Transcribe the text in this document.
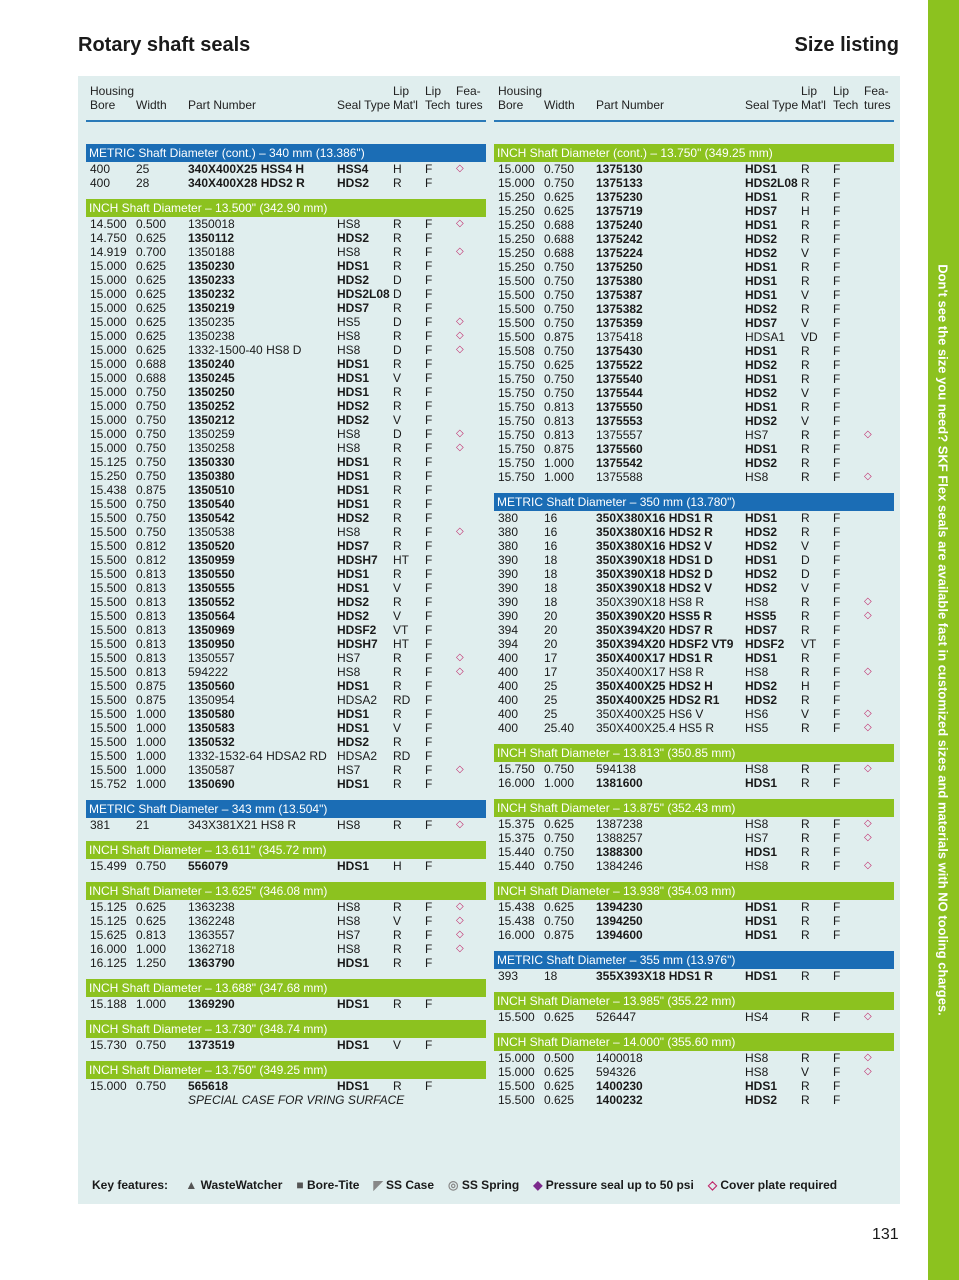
Rotary shaft seals	Size listing
Housing
Bore Width Part Number	Seal Type
Lip
Mat'l
Lip
Tech
Fea-
tures
METRIC Shaft Diameter (cont.) – 340 mm (13.386")
400 25	340X400X25 HSS4 H	HSS4 H F ◇
400 28	340X400X28 HDS2 R	HDS2 R F
INCH Shaft Diameter – 13.500" (342.90 mm)
14.500 0.500 1350018	HS8	R F ◇
14.750 0.625 1350112	HDS2 R F
14.919 0.700 1350188	HS8	R F ◇
15.000 0.625 1350230	HDS1 R F
15.000 0.625 1350233	HDS2 D F
15.000 0.625 1350232	HDS2L08 D F
15.000 0.625 1350219	HDS7 R F
15.000 0.625 1350235	HS5	D F ◇
15.000 0.625 1350238	HS8	R F ◇
15.000 0.625 1332-1500-40 HS8 D	HS8	D F ◇
15.000 0.688 1350240	HDS1 R F
15.000 0.688 1350245	HDS1 V F
15.000 0.750 1350250	HDS1 R F
15.000 0.750 1350252	HDS2 R F
15.000 0.750 1350212	HDS2 V F
15.000 0.750 1350259	HS8	D F ◇
15.000 0.750 1350258	HS8	R F ◇
15.125 0.750 1350330	HDS1 R F
15.250 0.750 1350380	HDS1 R F
15.438 0.875 1350510	HDS1 R F
15.500 0.750 1350540	HDS1 R F
15.500 0.750 1350542	HDS2 R F
15.500 0.750 1350538	HS8	R F ◇
15.500 0.812 1350520	HDS7 R F
15.500 0.812 1350959	HDSH7 HT F
15.500 0.813 1350550	HDS1 R F
15.500 0.813 1350555	HDS1 V F
15.500 0.813 1350552	HDS2 R F
15.500 0.813 1350564	HDS2 V F
15.500 0.813 1350969	HDSF2 VT F
15.500 0.813 1350950	HDSH7 HT F
15.500 0.813 1350557	HS7	R F ◇
15.500 0.813 594222	HS8	R F ◇
15.500 0.875 1350560	HDS1 R F
15.500 0.875 1350954	HDSA2 RD F
15.500 1.000 1350580	HDS1 R F
15.500 1.000 1350583	HDS1 V F
15.500 1.000 1350532	HDS2 R F
15.500 1.000 1332-1532-64 HDSA2 RD HDSA2 RD F
15.500 1.000 1350587	HS7	R F ◇
15.752 1.000 1350690	HDS1 R F
METRIC Shaft Diameter – 343 mm (13.504")
381 21	343X381X21 HS8 R	HS8	R F ◇
INCH Shaft Diameter – 13.611" (345.72 mm)
15.499 0.750 556079	HDS1 H F
INCH Shaft Diameter – 13.625" (346.08 mm)
15.125 0.625 1363238	HS8	R F ◇
15.125 0.625 1362248	HS8	V F ◇
15.625 0.813 1363557	HS7	R F ◇
16.000 1.000 1362718	HS8	R F ◇
16.125 1.250 1363790	HDS1 R F
INCH Shaft Diameter – 13.688" (347.68 mm)
15.188 1.000 1369290	HDS1 R F
INCH Shaft Diameter – 13.730" (348.74 mm)
15.730 0.750 1373519	HDS1 V F
INCH Shaft Diameter – 13.750" (349.25 mm)
15.000 0.750 565618	HDS1 R F
SPECIAL CASE FOR VRING SURFACE
Housing
Bore Width Part Number	Seal Type
Lip
Mat'l
Lip
Tech
Fea-
tures
INCH Shaft Diameter (cont.) – 13.750" (349.25 mm)
15.000 0.750 1375130	HDS1 R F
15.000 0.750 1375133	HDS2L08 R F
15.250 0.625 1375230	HDS1 R F
15.250 0.625 1375719	HDS7 H F
15.250 0.688 1375240	HDS1 R F
15.250 0.688 1375242	HDS2 R F
15.250 0.688 1375224	HDS2 V F
15.250 0.750 1375250	HDS1 R F
15.500 0.750 1375380	HDS1 R F
15.500 0.750 1375387	HDS1 V F
15.500 0.750 1375382	HDS2 R F
15.500 0.750 1375359	HDS7 V F
15.500 0.875 1375418	HDSA1 VD F
15.508 0.750 1375430	HDS1 R F
15.750 0.625 1375522	HDS2 R F
15.750 0.750 1375540	HDS1 R F
15.750 0.750 1375544	HDS2 V F
15.750 0.813 1375550	HDS1 R F
15.750 0.813 1375553	HDS2 V F
15.750 0.813 1375557	HS7	R F ◇
15.750 0.875 1375560	HDS1 R F
15.750 1.000 1375542	HDS2 R F
15.750 1.000 1375588	HS8	R F ◇
METRIC Shaft Diameter – 350 mm (13.780")
380 16	350X380X16 HDS1 R	HDS1 R F
380 16	350X380X16 HDS2 R	HDS2 R F
380 16	350X380X16 HDS2 V	HDS2 V F
390 18	350X390X18 HDS1 D	HDS1 D F
390 18	350X390X18 HDS2 D	HDS2 D F
390 18	350X390X18 HDS2 V	HDS2 V F
390 18	350X390X18 HS8 R	HS8	R F ◇
390 20	350X390X20 HSS5 R	HSS5 R F ◇
394 20	350X394X20 HDS7 R	HDS7 R F
394 20	350X394X20 HDSF2 VT9 HDSF2 VT F
400 17	350X400X17 HDS1 R	HDS1 R F
400 17	350X400X17 HS8 R	HS8	R F ◇
400 25	350X400X25 HDS2 H	HDS2 H F
400 25	350X400X25 HDS2 R1 HDS2 R F
400 25	350X400X25 HS6 V	HS6	V F ◇
400 25.40 350X400X25.4 HS5 R	HS5	R F ◇
INCH Shaft Diameter – 13.813" (350.85 mm)
15.750 0.750 594138	HS8	R F ◇
16.000 1.000 1381600	HDS1 R F
INCH Shaft Diameter – 13.875" (352.43 mm)
15.375 0.625 1387238	HS8	R F ◇
15.375 0.750 1388257	HS7	R F ◇
15.440 0.750 1388300	HDS1 R F
15.440 0.750 1384246	HS8	R F ◇
INCH Shaft Diameter – 13.938" (354.03 mm)
15.438 0.625 1394230	HDS1 R F
15.438 0.750 1394250	HDS1 R F
16.000 0.875 1394600	HDS1 R F
METRIC Shaft Diameter – 355 mm (13.976")
393 18	355X393X18 HDS1 R	HDS1 R F
INCH Shaft Diameter – 13.985" (355.22 mm)
15.500 0.625 526447	HS4	R F ◇
INCH Shaft Diameter – 14.000" (355.60 mm)
15.000 0.500 1400018	HS8	R F ◇
15.000 0.625 594326	HS8	V F ◇
15.500 0.625 1400230	HDS1 R F
15.500 0.625 1400232	HDS2 R F
Key features: ▲ WasteWatcher ■ Bore-Tite ◤ SS Case ◎ SS Spring ◆ Pressure seal up to 50 psi ◇ Cover plate required
Don't see the size you need? SKF Flex seals are available fast in customized sizes and materials with NO tooling charges.
131
